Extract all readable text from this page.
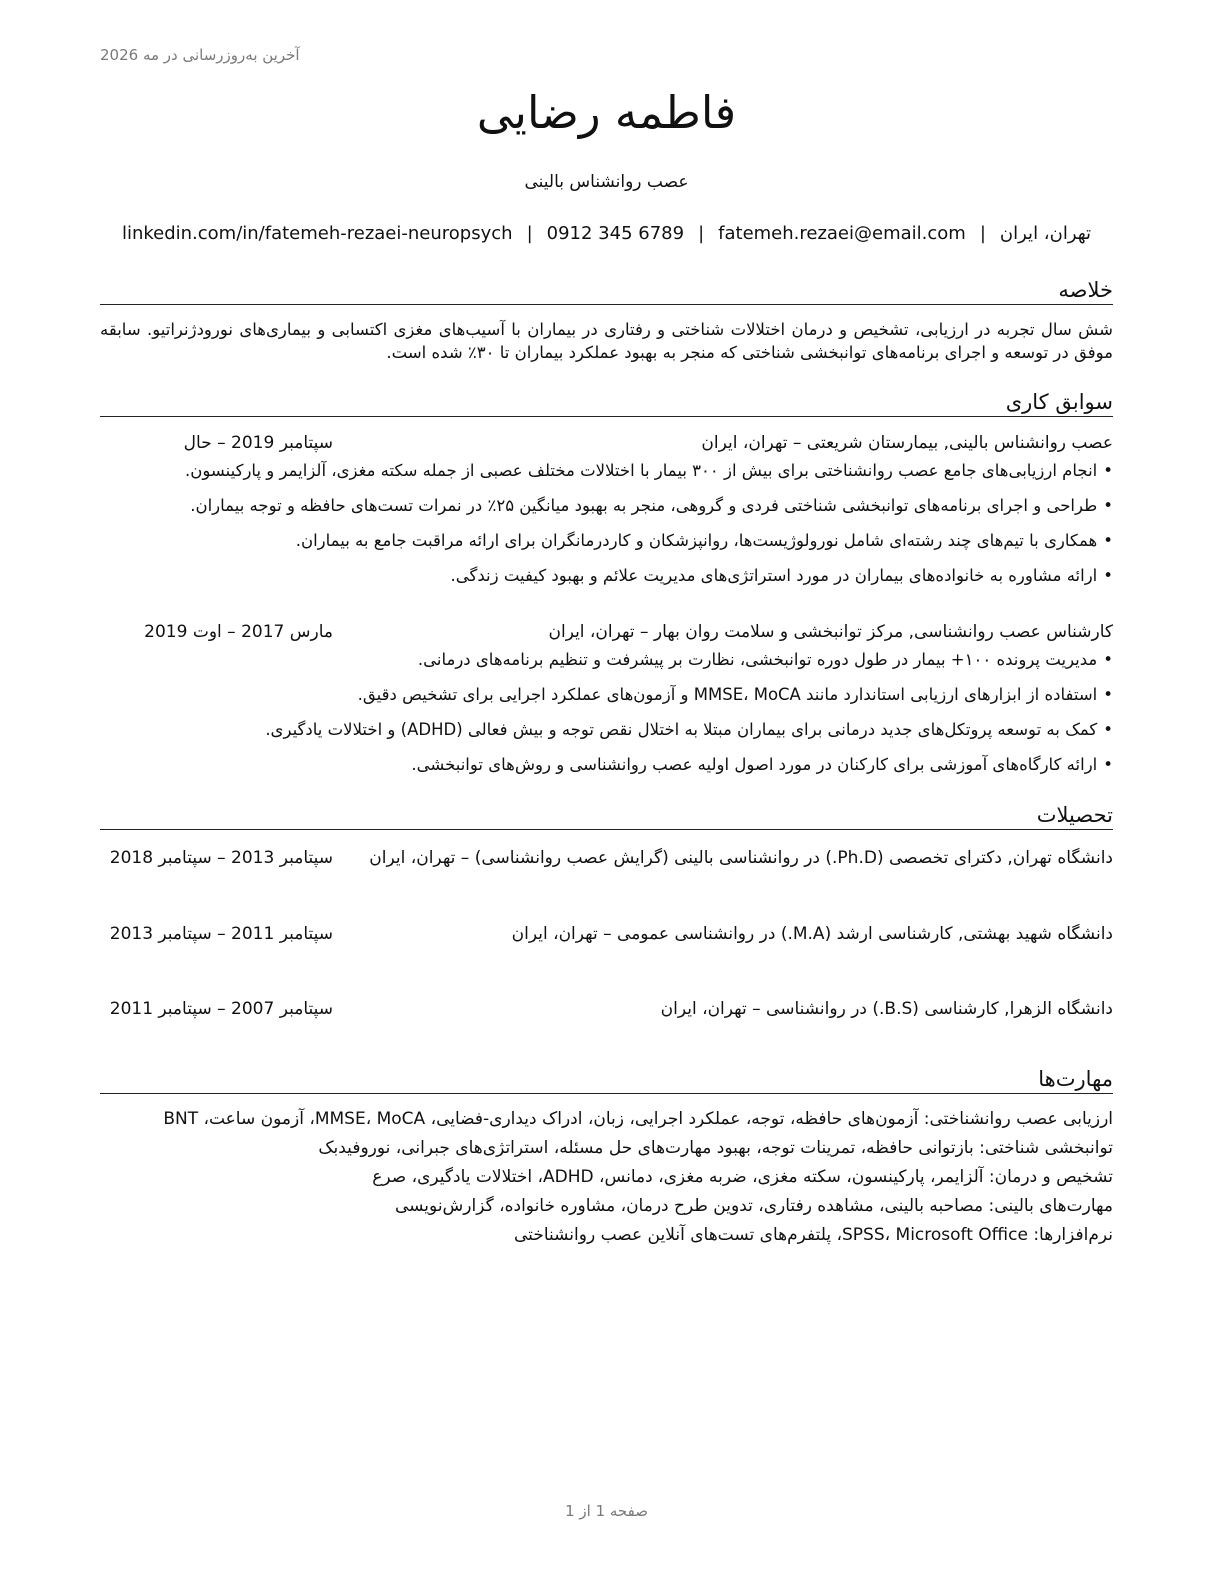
آخرین به‌روزرسانی در مه 2026
فاطمه رضایی
عصب روانشناس بالینی
تهران، ایران|fatemeh.rezaei@email.com|0912 345 6789|linkedin.com/in/fatemeh-rezaei-neuropsych
خلاصه
شش سال تجربه در ارزیابی، تشخیص و درمان اختلالات شناختی و رفتاری در بیماران با آسیب‌های مغزی اکتسابی و بیماری‌های نورودژنراتیو. سابقه موفق در توسعه و اجرای برنامه‌های توانبخشی شناختی که منجر به بهبود عملکرد بیماران تا ۳۰٪ شده است.
سوابق کاری
عصب روانشناس بالینی, بیمارستان شریعتی – تهران، ایران
سپتامبر 2019 – حال
• انجام ارزیابی‌های جامع عصب روانشناختی برای بیش از ۳۰۰ بیمار با اختلالات مختلف عصبی از جمله سکته مغزی، آلزایمر و پارکینسون.
• طراحی و اجرای برنامه‌های توانبخشی شناختی فردی و گروهی، منجر به بهبود میانگین ۲۵٪ در نمرات تست‌های حافظه و توجه بیماران.
• همکاری با تیم‌های چند رشته‌ای شامل نورولوژیست‌ها، روانپزشکان و کاردرمانگران برای ارائه مراقبت جامع به بیماران.
• ارائه مشاوره به خانواده‌های بیماران در مورد استراتژی‌های مدیریت علائم و بهبود کیفیت زندگی.
کارشناس عصب روانشناسی, مرکز توانبخشی و سلامت روان بهار – تهران، ایران
مارس 2017 – اوت 2019
• مدیریت پرونده ۱۰۰+ بیمار در طول دوره توانبخشی، نظارت بر پیشرفت و تنظیم برنامه‌های درمانی.
• استفاده از ابزارهای ارزیابی استاندارد مانند MMSE، MoCA و آزمون‌های عملکرد اجرایی برای تشخیص دقیق.
• کمک به توسعه پروتکل‌های جدید درمانی برای بیماران مبتلا به اختلال نقص توجه و بیش فعالی (ADHD) و اختلالات یادگیری.
• ارائه کارگاه‌های آموزشی برای کارکنان در مورد اصول اولیه عصب روانشناسی و روش‌های توانبخشی.
تحصیلات
دانشگاه تهران, دکترای تخصصی (Ph.D.) در روانشناسی بالینی (گرایش عصب روانشناسی) – تهران، ایران
سپتامبر 2013 – سپتامبر 2018
دانشگاه شهید بهشتی, کارشناسی ارشد (M.A.) در روانشناسی عمومی – تهران، ایران
سپتامبر 2011 – سپتامبر 2013
دانشگاه الزهرا, کارشناسی (B.S.) در روانشناسی – تهران، ایران
سپتامبر 2007 – سپتامبر 2011
مهارت‌ها
ارزیابی عصب روانشناختی: آزمون‌های حافظه، توجه، عملکرد اجرایی، زبان، ادراک دیداری-فضایی، MMSE، MoCA، آزمون ساعت، BNT
توانبخشی شناختی: بازتوانی حافظه، تمرینات توجه، بهبود مهارت‌های حل مسئله، استراتژی‌های جبرانی، نوروفیدبک
تشخیص و درمان: آلزایمر، پارکینسون، سکته مغزی، ضربه مغزی، دمانس، ADHD، اختلالات یادگیری، صرع
مهارت‌های بالینی: مصاحبه بالینی، مشاهده رفتاری، تدوین طرح درمان، مشاوره خانواده، گزارش‌نویسی
نرم‌افزارها: SPSS، Microsoft Office، پلتفرم‌های تست‌های آنلاین عصب روانشناختی
صفحه 1 از 1
